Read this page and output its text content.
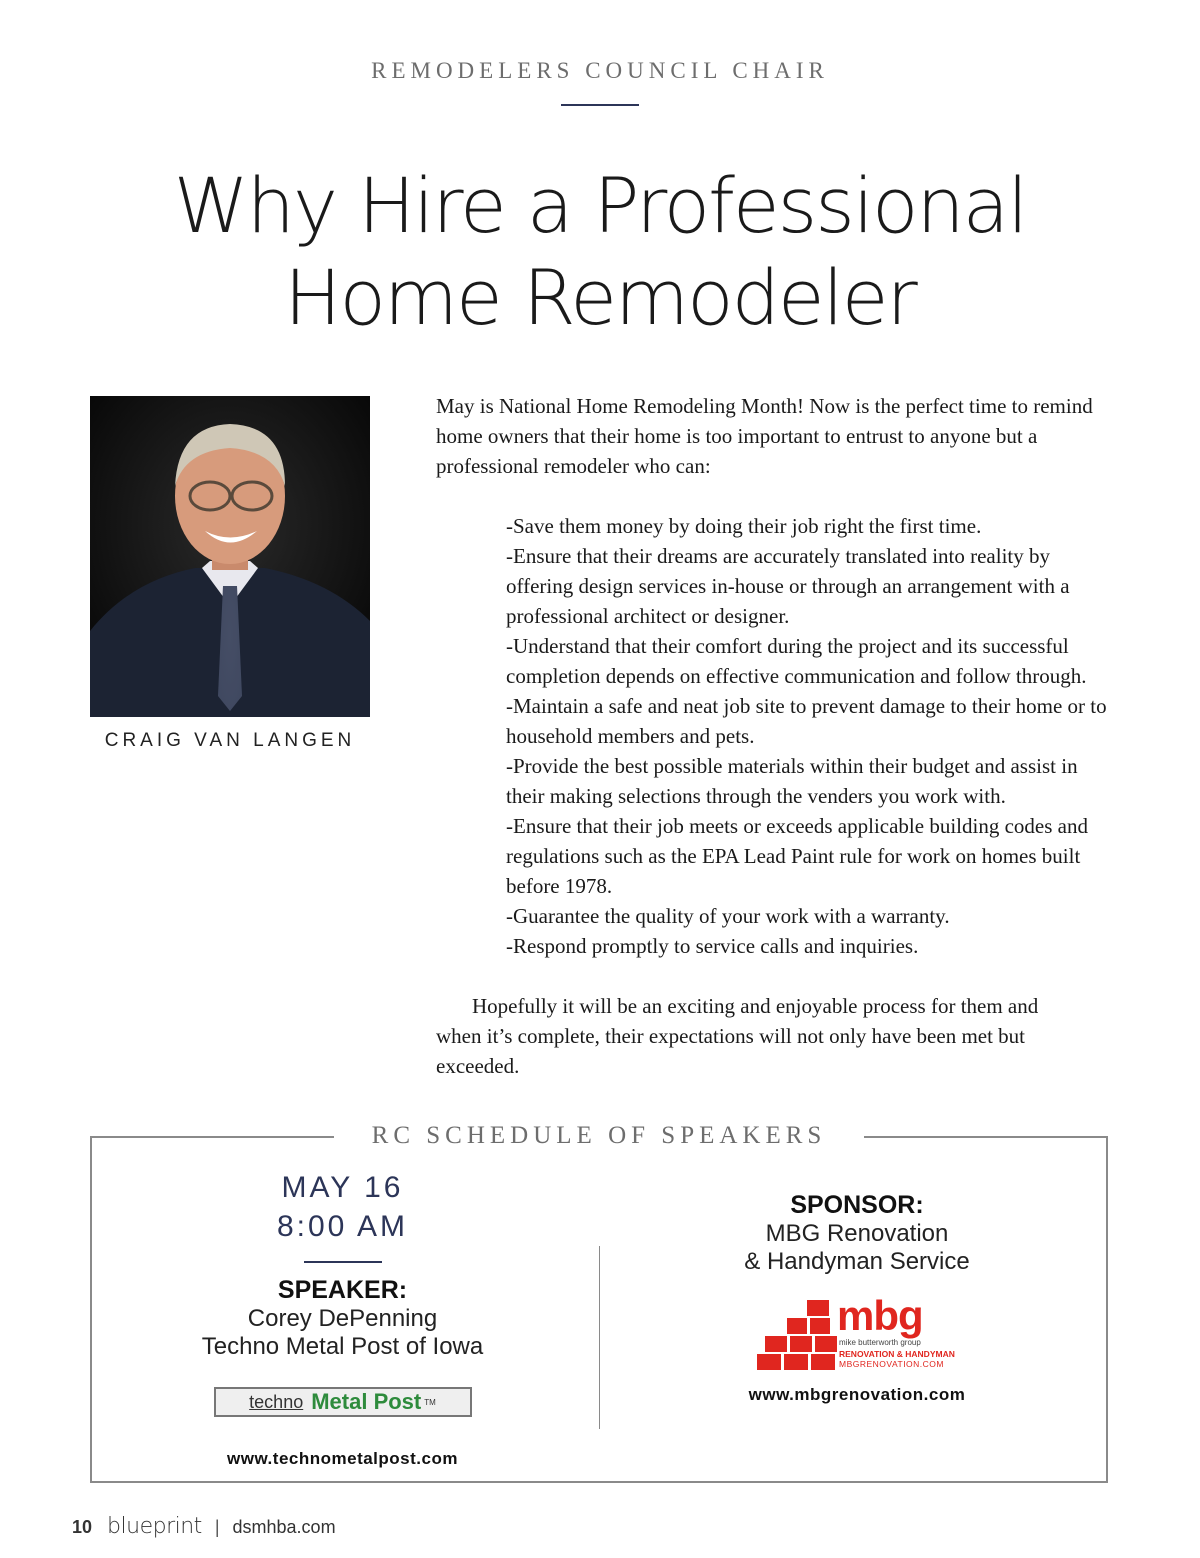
REMODELERS COUNCIL CHAIR
Why Hire a Professional
Home Remodeler
CRAIG VAN LANGEN

May is National Home Remodeling Month! Now is the perfect time to remind home owners that their home is too important to entrust to anyone but a professional remodeler who can:

-Save them money by doing their job right the first time.
-Ensure that their dreams are accurately translated into reality by offering design services in-house or through an arrangement with a professional architect or designer.
-Understand that their comfort during the project and its successful completion depends on effective communication and follow through.
-Maintain a safe and neat job site to prevent damage to their home or to household members and pets.
-Provide the best possible materials within their budget and assist in their making selections through the venders you work with.
-Ensure that their job meets or exceeds applicable building codes and regulations such as the EPA Lead Paint rule for work on homes built before 1978.
-Guarantee the quality of your work with a warranty.
-Respond promptly to service calls and inquiries.

Hopefully it will be an exciting and enjoyable process for them and when it’s complete, their expectations will not only have been met but exceeded.

RC SCHEDULE OF SPEAKERS
MAY 16
8:00 AM
SPEAKER:
Corey DePenning
Techno Metal Post of Iowa
techno Metal Post TM
www.technometalpost.com
SPONSOR:
MBG Renovation
& Handyman Service
mbg
mike butterworth group
RENOVATION & HANDYMAN
MBGRENOVATION.COM
www.mbgrenovation.com
10 blueprint | dsmhba.com
